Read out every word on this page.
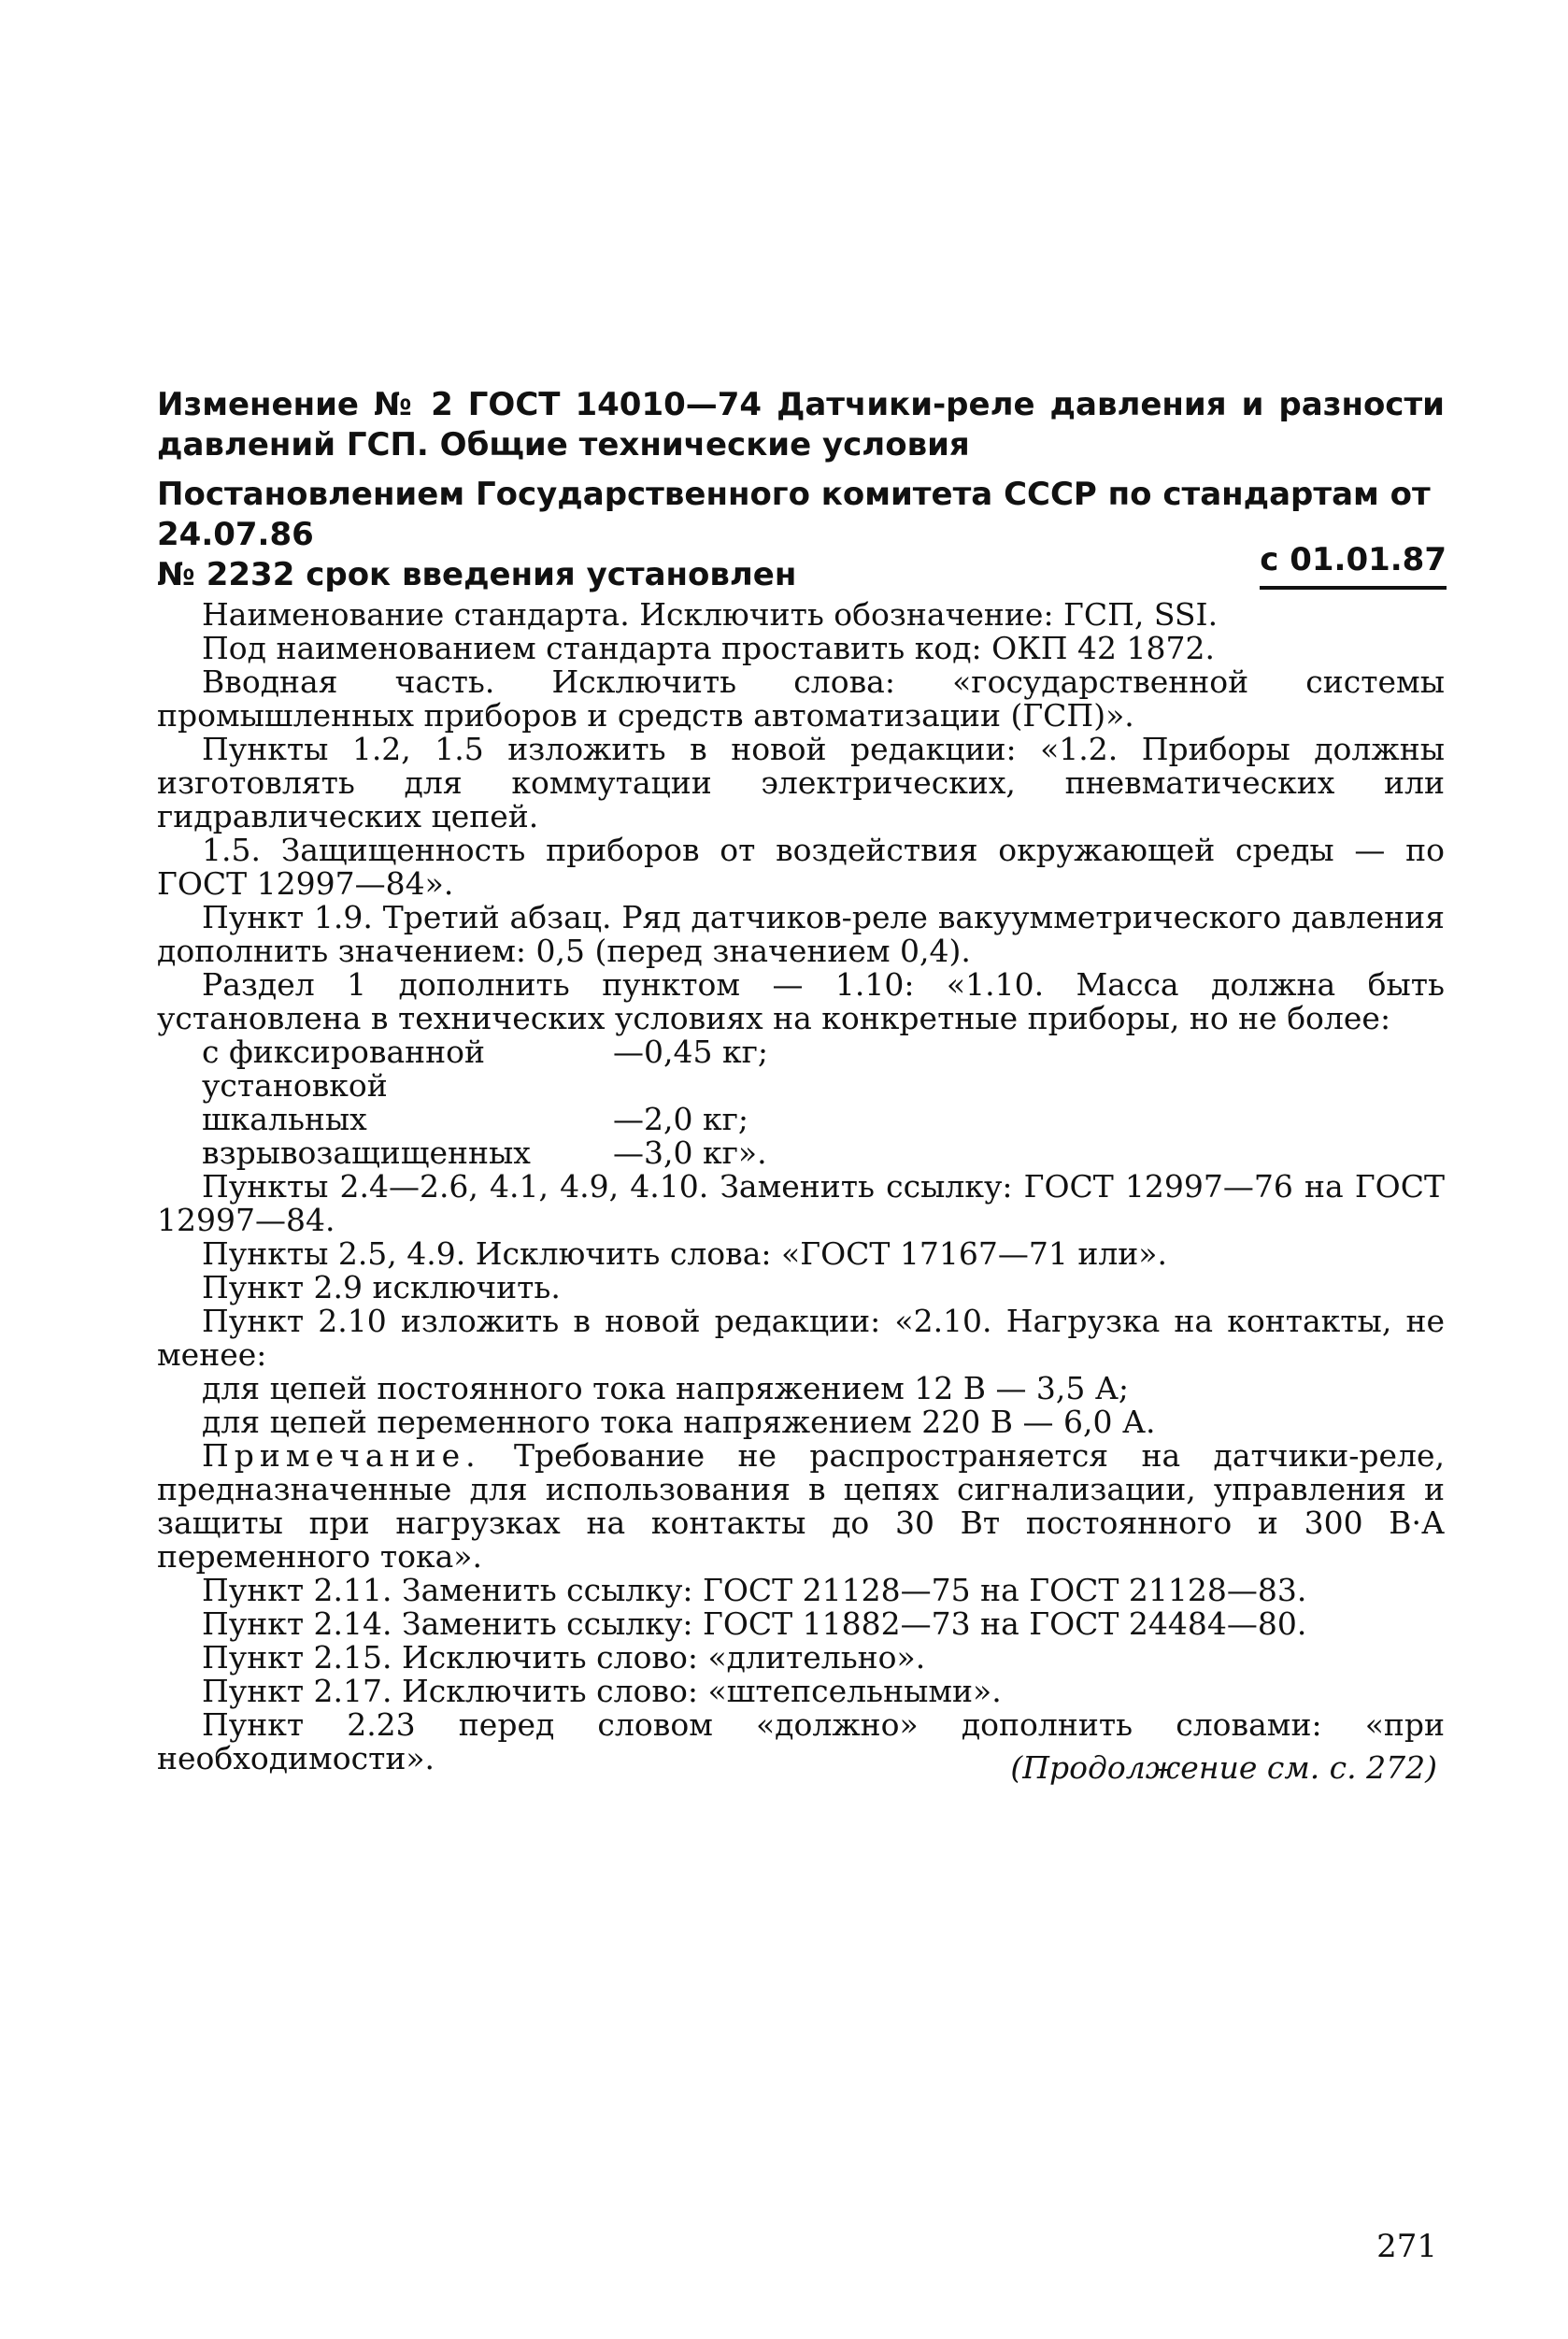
Изменение № 2 ГОСТ 14010—74 Датчики-реле давления и разности давлений ГСП. Общие технические условия

Постановлением Государственного комитета СССР по стандартам от 24.07.86
№ 2232 срок введения установлен	с 01.01.87

Наименование стандарта. Исключить обозначение: ГСП, SSI.

Под наименованием стандарта проставить код: ОКП 42 1872.

Вводная часть. Исключить слова: «государственной системы промышленных приборов и средств автоматизации (ГСП)».

Пункты 1.2, 1.5 изложить в новой редакции: «1.2. Приборы должны изготовлять для коммутации электрических, пневматических или гидравлических цепей.

1.5. Защищенность приборов от воздействия окружающей среды — по ГОСТ 12997—84».

Пункт 1.9. Третий абзац. Ряд датчиков-реле вакуумметрического давления дополнить значением: 0,5 (перед значением 0,4).

Раздел 1 дополнить пунктом — 1.10: «1.10. Масса должна быть установлена в технических условиях на конкретные приборы, но не более:

с фиксированной установкой
—0,45 кг;
шкальных	—2,0 кг;
взрывозащищенных	—3,0 кг».

Пункты 2.4—2.6, 4.1, 4.9, 4.10. Заменить ссылку: ГОСТ 12997—76 на ГОСТ 12997—84.

Пункты 2.5, 4.9. Исключить слова: «ГОСТ 17167—71 или».

Пункт 2.9 исключить.

Пункт 2.10 изложить в новой редакции: «2.10. Нагрузка на контакты, не менее:

для цепей постоянного тока напряжением 12 В — 3,5 А;

для цепей переменного тока напряжением 220 В — 6,0 А.

Примечание. Требование не распространяется на датчики-реле, предназначенные для использования в цепях сигнализации, управления и защиты при нагрузках на контакты до 30 Вт постоянного и 300 В·А переменного тока».

Пункт 2.11. Заменить ссылку: ГОСТ 21128—75 на ГОСТ 21128—83.

Пункт 2.14. Заменить ссылку: ГОСТ 11882—73 на ГОСТ 24484—80.

Пункт 2.15. Исключить слово: «длительно».

Пункт 2.17. Исключить слово: «штепсельными».

Пункт 2.23 перед словом «должно» дополнить словами: «при необходимости».	(Продолжение см. с. 272)
271
